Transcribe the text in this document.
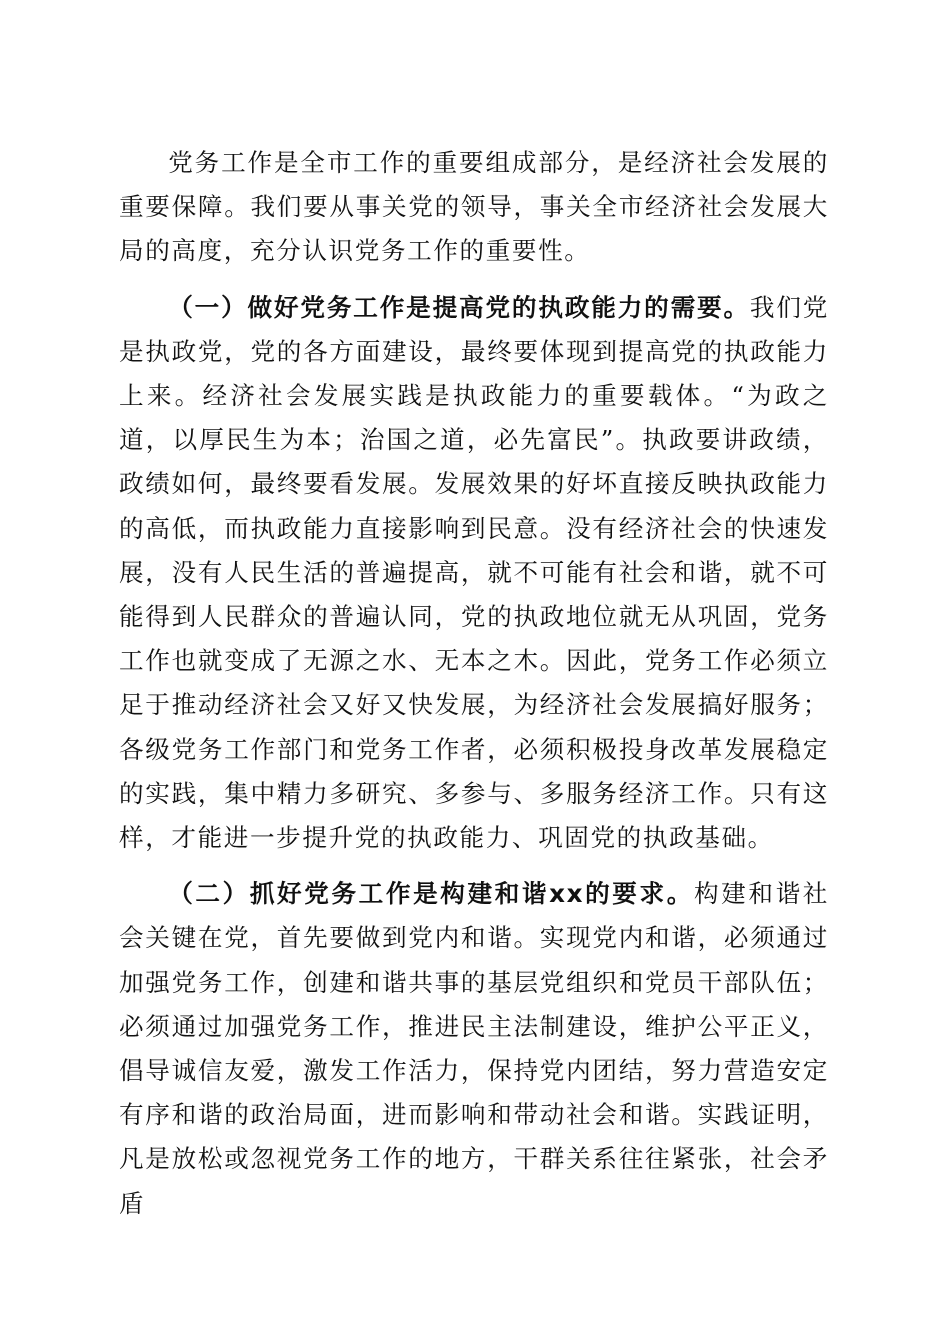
党务工作是全市工作的重要组成部分，是经济社会发展的重要保障。我们要从事关党的领导，事关全市经济社会发展大局的高度，充分认识党务工作的重要性。

（一）做好党务工作是提高党的执政能力的需要。我们党是执政党，党的各方面建设，最终要体现到提高党的执政能力上来。经济社会发展实践是执政能力的重要载体。“为政之道，以厚民生为本；治国之道，必先富民”。执政要讲政绩，政绩如何，最终要看发展。发展效果的好坏直接反映执政能力的高低，而执政能力直接影响到民意。没有经济社会的快速发展，没有人民生活的普遍提高，就不可能有社会和谐，就不可能得到人民群众的普遍认同，党的执政地位就无从巩固，党务工作也就变成了无源之水、无本之木。因此，党务工作必须立足于推动经济社会又好又快发展，为经济社会发展搞好服务；各级党务工作部门和党务工作者，必须积极投身改革发展稳定的实践，集中精力多研究、多参与、多服务经济工作。只有这样，才能进一步提升党的执政能力、巩固党的执政基础。

（二）抓好党务工作是构建和谐xx的要求。构建和谐社会关键在党，首先要做到党内和谐。实现党内和谐，必须通过加强党务工作，创建和谐共事的基层党组织和党员干部队伍；必须通过加强党务工作，推进民主法制建设，维护公平正义，倡导诚信友爱，激发工作活力，保持党内团结，努力营造安定有序和谐的政治局面，进而影响和带动社会和谐。实践证明，凡是放松或忽视党务工作的地方，干群关系往往紧张，社会矛盾
